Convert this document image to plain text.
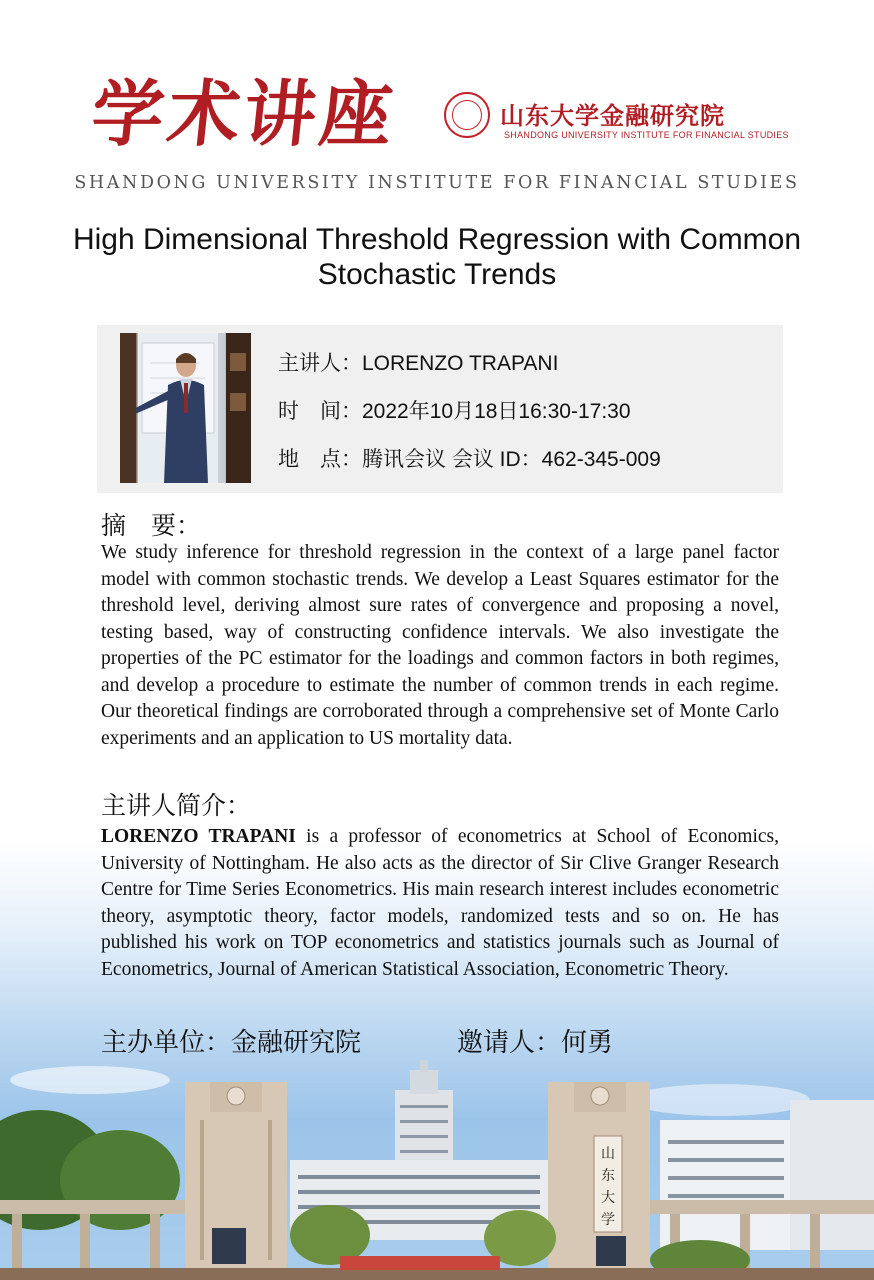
学术讲座	山东大学金融研究院
SHANDONG UNIVERSITY INSTITUTE FOR FINANCIAL STUDIES
SHANDONG UNIVERSITY INSTITUTE FOR FINANCIAL STUDIES
High Dimensional Threshold Regression with Common Stochastic Trends
主讲人：LORENZO TRAPANI
时　间：2022年10月18日16:30-17:30
地　点：腾讯会议 会议 ID：462-345-009
摘　要：
We study inference for threshold regression in the context of a large panel factor model with common stochastic trends. We develop a Least Squares estimator for the threshold level, deriving almost sure rates of convergence and proposing a novel, testing based, way of constructing confidence intervals. We also investigate the properties of the PC estimator for the loadings and common factors in both regimes, and develop a procedure to estimate the number of common trends in each regime. Our theoretical findings are corroborated through a comprehensive set of Monte Carlo experiments and an application to US mortality data.
主讲人简介：
LORENZO TRAPANI is a professor of econometrics at School of Economics, University of Nottingham. He also acts as the director of Sir Clive Granger Research Centre for Time Series Econometrics. His main research interest includes econometric theory, asymptotic theory, factor models, randomized tests and so on. He has published his work on TOP econometrics and statistics journals such as Journal of Econometrics, Journal of American Statistical Association, Econometric Theory.
主办单位：金融研究院	邀请人：何勇
山
东
大
学
